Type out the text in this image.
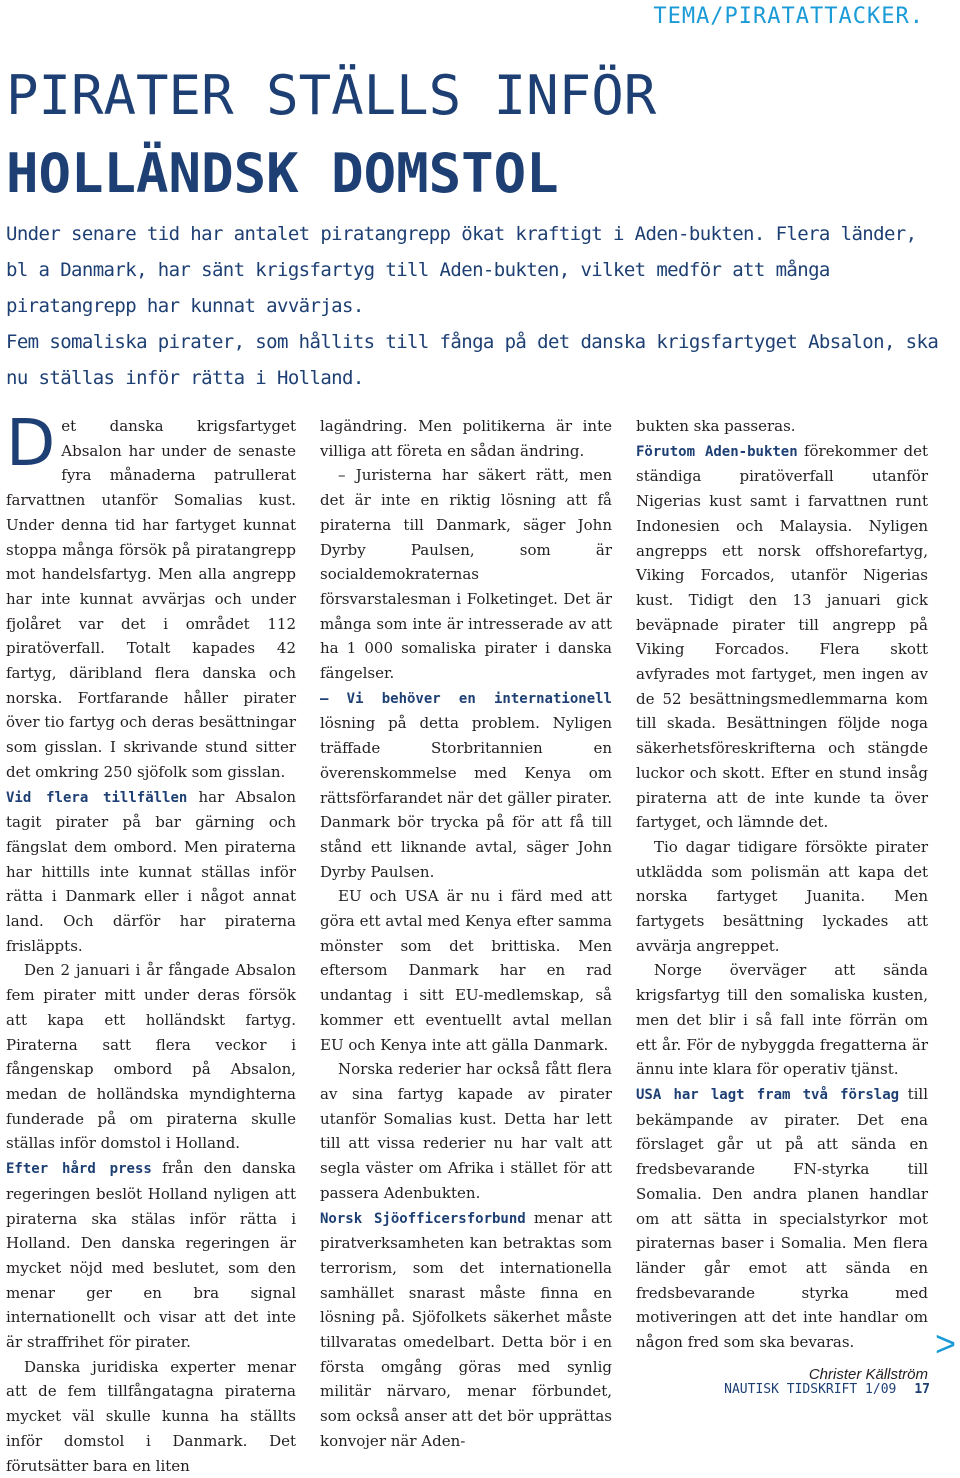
TEMA/PIRATATTACKER.
PIRATER STÄLLS INFÖR
HOLLÄNDSK DOMSTOL

Under senare tid har antalet piratangrepp ökat kraftigt i Aden-bukten. Flera länder, bl a Danmark, har sänt krigsfartyg till Aden-bukten, vilket medför att många piratangrepp har kunnat avvärjas.

Fem somaliska pirater, som hållits till fånga på det danska krigsfartyget Absalon, ska nu ställas inför rätta i Holland.

Det danska krigsfartyget Absalon har under de senaste fyra månaderna patrullerat farvattnen utanför Somalias kust. Under denna tid har fartyget kunnat stoppa många försök på piratangrepp mot handelsfartyg. Men alla angrepp har inte kunnat avvärjas och under fjolåret var det i området 112 piratöverfall. Totalt kapades 42 fartyg, däribland flera danska och norska. Fortfarande håller pirater över tio fartyg och deras besättningar som gisslan. I skrivande stund sitter det omkring 250 sjöfolk som gisslan.

Vid flera tillfällen har Absalon tagit pirater på bar gärning och fängslat dem ombord. Men piraterna har hittills inte kunnat ställas inför rätta i Danmark eller i något annat land. Och därför har piraterna frisläppts.

Den 2 januari i år fångade Absalon fem pirater mitt under deras försök att kapa ett holländskt fartyg. Piraterna satt flera veckor i fångenskap ombord på Absalon, medan de holländska myndighterna funderade på om piraterna skulle ställas inför domstol i Holland.

Efter hård press från den danska regeringen beslöt Holland nyligen att piraterna ska stälas inför rätta i Holland. Den danska regeringen är mycket nöjd med beslutet, som den menar ger en bra signal internationellt och visar att det inte är straffrihet för pirater.

Danska juridiska experter menar att de fem tillfångatagna piraterna mycket väl skulle kunna ha ställts inför domstol i Danmark. Det förutsätter bara en liten

lagändring. Men politikerna är inte villiga att företa en sådan ändring.

– Juristerna har säkert rätt, men det är inte en riktig lösning att få piraterna till Danmark, säger John Dyrby Paulsen, som är socialdemokraternas försvarstalesman i Folketinget. Det är många som inte är intresserade av att ha 1 000 somaliska pirater i danska fängelser.

– Vi behöver en internationell lösning på detta problem. Nyligen träffade Storbritannien en överenskommelse med Kenya om rättsförfarandet när det gäller pirater. Danmark bör trycka på för att få till stånd ett liknande avtal, säger John Dyrby Paulsen.

EU och USA är nu i färd med att göra ett avtal med Kenya efter samma mönster som det brittiska. Men eftersom Danmark har en rad undantag i sitt EU-medlemskap, så kommer ett eventuellt avtal mellan EU och Kenya inte att gälla Danmark.

Norska rederier har också fått flera av sina fartyg kapade av pirater utanför Somalias kust. Detta har lett till att vissa rederier nu har valt att segla väster om Afrika i stället för att passera Adenbukten.

Norsk Sjöofficersforbund menar att piratverksamheten kan betraktas som terrorism, som det internationella samhället snarast måste finna en lösning på. Sjöfolkets säkerhet måste tillvaratas omedelbart. Detta bör i en första omgång göras med synlig militär närvaro, menar förbundet, som också anser att det bör upprättas konvojer när Aden-

bukten ska passeras.

Förutom Aden-bukten förekommer det ständiga piratöverfall utanför Nigerias kust samt i farvattnen runt Indonesien och Malaysia. Nyligen angrepps ett norsk offshorefartyg, Viking Forcados, utanför Nigerias kust. Tidigt den 13 januari gick beväpnade pirater till angrepp på Viking Forcados. Flera skott avfyrades mot fartyget, men ingen av de 52 besättningsmedlemmarna kom till skada. Besättningen följde noga säkerhetsföreskrifterna och stängde luckor och skott. Efter en stund insåg piraterna att de inte kunde ta över fartyget, och lämnde det.

Tio dagar tidigare försökte pirater utklädda som polismän att kapa det norska fartyget Juanita. Men fartygets besättning lyckades att avvärja angreppet.

Norge överväger att sända krigsfartyg till den somaliska kusten, men det blir i så fall inte förrän om ett år. För de nybyggda fregatterna är ännu inte klara för operativ tjänst.

USA har lagt fram två förslag till bekämpande av pirater. Det ena förslaget går ut på att sända en fredsbevarande FN-styrka till Somalia. Den andra planen handlar om att sätta in specialstyrkor mot piraternas baser i Somalia. Men flera länder går emot att sända en fredsbevarande styrka med motiveringen att det inte handlar om någon fred som ska bevaras.

Christer Källström

>
NAUTISK TIDSKRIFT 1/09 17
